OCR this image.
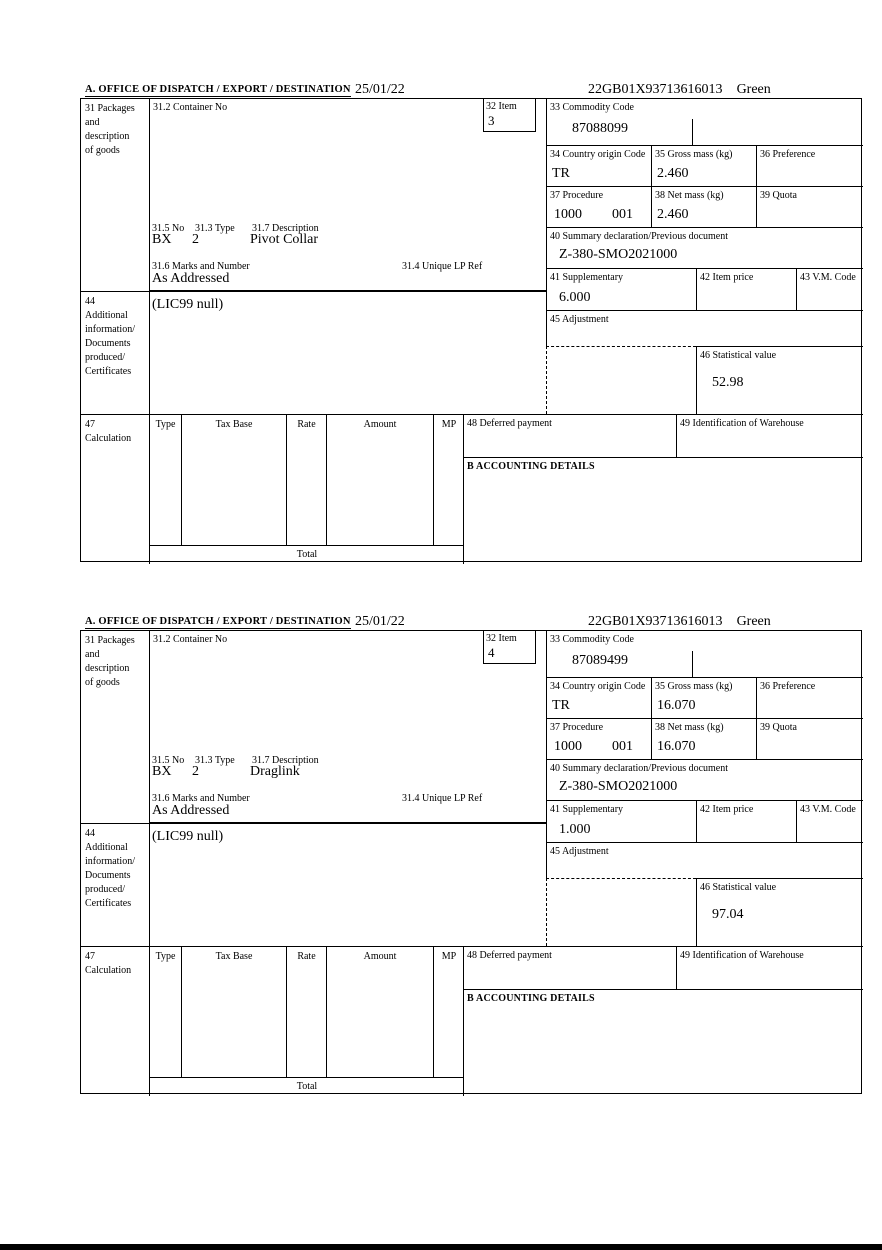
A. OFFICE OF DISPATCH / EXPORT / DESTINATION 25/01/22	22GB01X93713616013 Green
31 Packages
and
description
of goods
31.2 Container No
31.5 No 31.3 Type 31.7 Description
BX 2	Pivot Collar
31.6 Marks and Number	31.4 Unique LP Ref
As Addressed
32 Item
3
33 Commodity Code
87088099
34 Country origin Code
TR
35 Gross mass (kg)
2.460
36 Preference
37 Procedure
1000 001
38 Net mass (kg)
2.460
39 Quota
40 Summary declaration/Previous document
Z-380-SMO2021000
41 Supplementary
6.000
42 Item price	43 V.M. Code
45 Adjustment
46 Statistical value
52.98
44
Additional
information/
Documents
produced/
Certificates
(LIC99 null)
47
Calculation
Type	Tax Base	Rate	Amount	MP
Total
48 Deferred payment	49 Identification of Warehouse
B ACCOUNTING DETAILS
A. OFFICE OF DISPATCH / EXPORT / DESTINATION 25/01/22	22GB01X93713616013 Green
31 Packages
and
description
of goods
31.2 Container No
31.5 No 31.3 Type 31.7 Description
BX 2	Draglink
31.6 Marks and Number	31.4 Unique LP Ref
As Addressed
32 Item
4
33 Commodity Code
87089499
34 Country origin Code
TR
35 Gross mass (kg)
16.070
36 Preference
37 Procedure
1000 001
38 Net mass (kg)
16.070
39 Quota
40 Summary declaration/Previous document
Z-380-SMO2021000
41 Supplementary
1.000
42 Item price	43 V.M. Code
45 Adjustment
46 Statistical value
97.04
44
Additional
information/
Documents
produced/
Certificates
(LIC99 null)
47
Calculation
Type	Tax Base	Rate	Amount	MP
Total
48 Deferred payment	49 Identification of Warehouse
B ACCOUNTING DETAILS
